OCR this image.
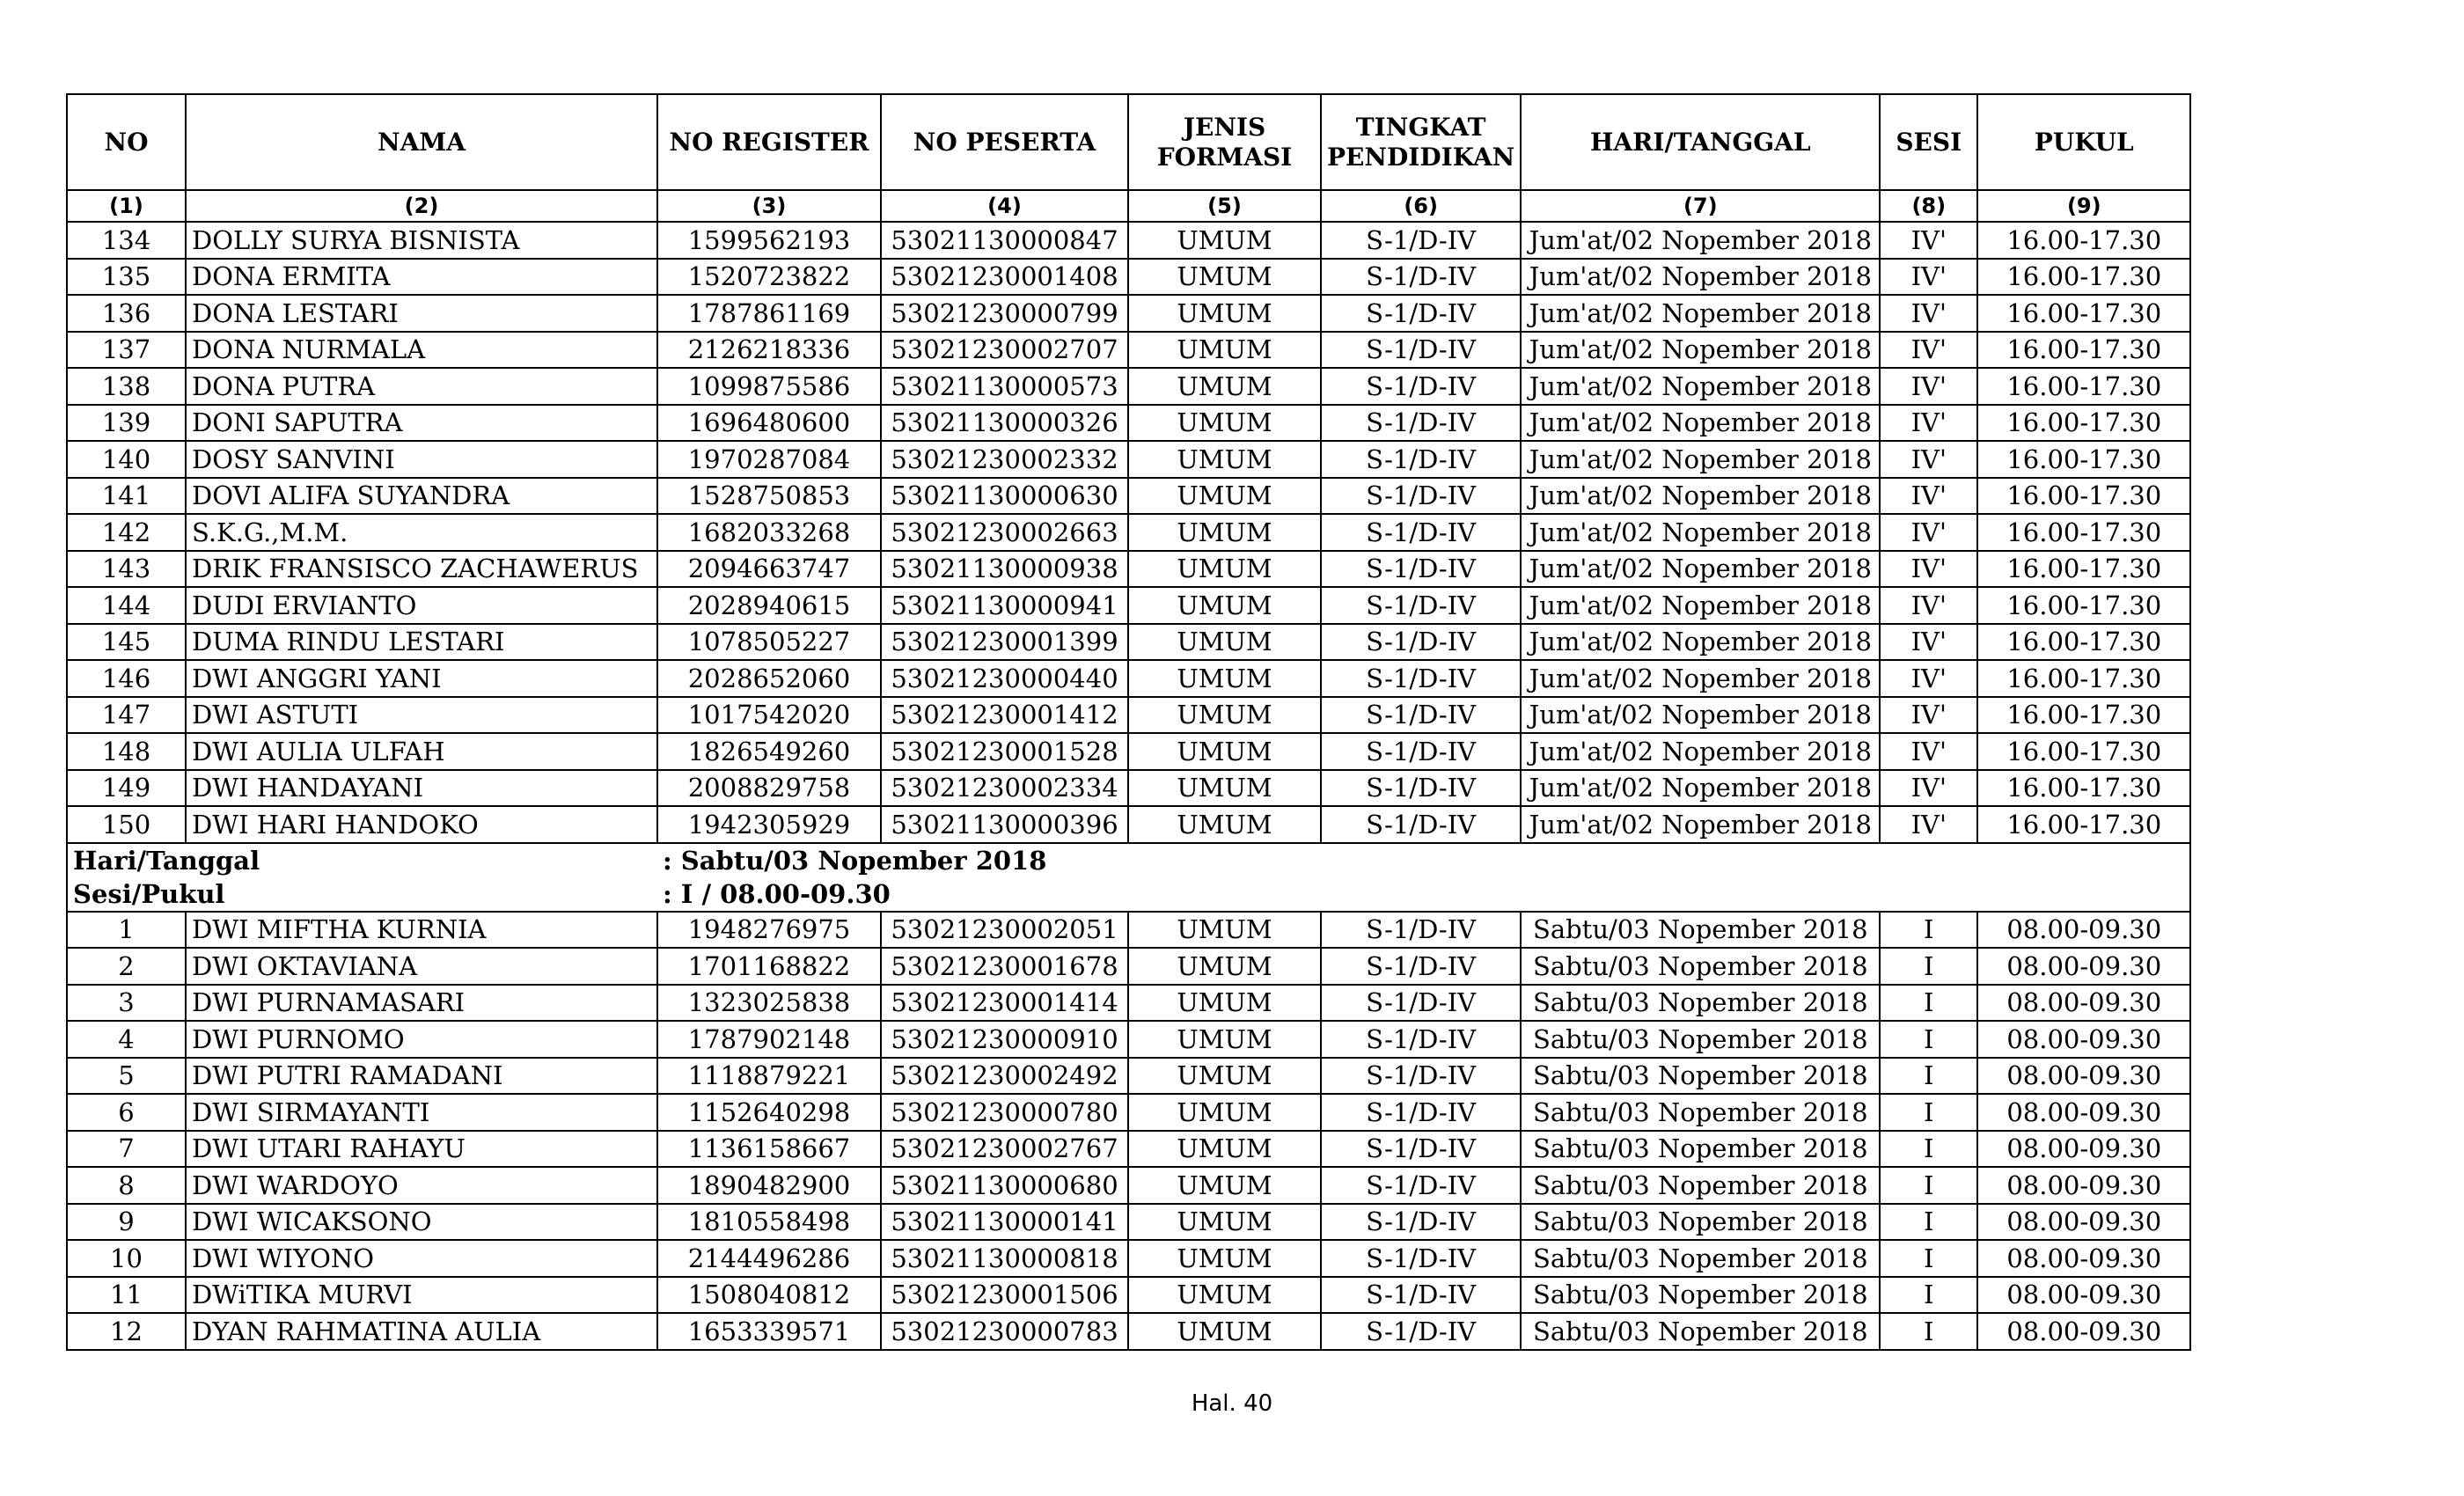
NO	NAMA	NO REGISTER	NO PESERTA	JENIS FORMASI	TINGKAT PENDIDIKAN	HARI/TANGGAL	SESI	PUKUL
(1)	(2)	(3)	(4)	(5)	(6)	(7)	(8)	(9)
134	DOLLY SURYA BISNISTA	1599562193	53021130000847	UMUM	S-1/D-IV	Jum'at/02 Nopember 2018	IV'	16.00-17.30
135	DONA ERMITA	1520723822	53021230001408	UMUM	S-1/D-IV	Jum'at/02 Nopember 2018	IV'	16.00-17.30
136	DONA LESTARI	1787861169	53021230000799	UMUM	S-1/D-IV	Jum'at/02 Nopember 2018	IV'	16.00-17.30
137	DONA NURMALA	2126218336	53021230002707	UMUM	S-1/D-IV	Jum'at/02 Nopember 2018	IV'	16.00-17.30
138	DONA PUTRA	1099875586	53021130000573	UMUM	S-1/D-IV	Jum'at/02 Nopember 2018	IV'	16.00-17.30
139	DONI SAPUTRA	1696480600	53021130000326	UMUM	S-1/D-IV	Jum'at/02 Nopember 2018	IV'	16.00-17.30
140	DOSY SANVINI	1970287084	53021230002332	UMUM	S-1/D-IV	Jum'at/02 Nopember 2018	IV'	16.00-17.30
141	DOVI ALIFA SUYANDRA	1528750853	53021130000630	UMUM	S-1/D-IV	Jum'at/02 Nopember 2018	IV'	16.00-17.30
142	S.K.G.,M.M.	1682033268	53021230002663	UMUM	S-1/D-IV	Jum'at/02 Nopember 2018	IV'	16.00-17.30
143	DRIK FRANSISCO ZACHAWERUS	2094663747	53021130000938	UMUM	S-1/D-IV	Jum'at/02 Nopember 2018	IV'	16.00-17.30
144	DUDI ERVIANTO	2028940615	53021130000941	UMUM	S-1/D-IV	Jum'at/02 Nopember 2018	IV'	16.00-17.30
145	DUMA RINDU LESTARI	1078505227	53021230001399	UMUM	S-1/D-IV	Jum'at/02 Nopember 2018	IV'	16.00-17.30
146	DWI ANGGRI YANI	2028652060	53021230000440	UMUM	S-1/D-IV	Jum'at/02 Nopember 2018	IV'	16.00-17.30
147	DWI ASTUTI	1017542020	53021230001412	UMUM	S-1/D-IV	Jum'at/02 Nopember 2018	IV'	16.00-17.30
148	DWI AULIA ULFAH	1826549260	53021230001528	UMUM	S-1/D-IV	Jum'at/02 Nopember 2018	IV'	16.00-17.30
149	DWI HANDAYANI	2008829758	53021230002334	UMUM	S-1/D-IV	Jum'at/02 Nopember 2018	IV'	16.00-17.30
150	DWI HARI HANDOKO	1942305929	53021130000396	UMUM	S-1/D-IV	Jum'at/02 Nopember 2018	IV'	16.00-17.30
Hari/Tanggal		: Sabtu/03 Nopember 2018						
Sesi/Pukul		: I / 08.00-09.30						
1	DWI MIFTHA KURNIA	1948276975	53021230002051	UMUM	S-1/D-IV	Sabtu/03 Nopember 2018	I	08.00-09.30
2	DWI OKTAVIANA	1701168822	53021230001678	UMUM	S-1/D-IV	Sabtu/03 Nopember 2018	I	08.00-09.30
3	DWI PURNAMASARI	1323025838	53021230001414	UMUM	S-1/D-IV	Sabtu/03 Nopember 2018	I	08.00-09.30
4	DWI PURNOMO	1787902148	53021230000910	UMUM	S-1/D-IV	Sabtu/03 Nopember 2018	I	08.00-09.30
5	DWI PUTRI RAMADANI	1118879221	53021230002492	UMUM	S-1/D-IV	Sabtu/03 Nopember 2018	I	08.00-09.30
6	DWI SIRMAYANTI	1152640298	53021230000780	UMUM	S-1/D-IV	Sabtu/03 Nopember 2018	I	08.00-09.30
7	DWI UTARI RAHAYU	1136158667	53021230002767	UMUM	S-1/D-IV	Sabtu/03 Nopember 2018	I	08.00-09.30
8	DWI WARDOYO	1890482900	53021130000680	UMUM	S-1/D-IV	Sabtu/03 Nopember 2018	I	08.00-09.30
9	DWI WICAKSONO	1810558498	53021130000141	UMUM	S-1/D-IV	Sabtu/03 Nopember 2018	I	08.00-09.30
10	DWI WIYONO	2144496286	53021130000818	UMUM	S-1/D-IV	Sabtu/03 Nopember 2018	I	08.00-09.30
11	DWiTIKA MURVI	1508040812	53021230001506	UMUM	S-1/D-IV	Sabtu/03 Nopember 2018	I	08.00-09.30
12	DYAN RAHMATINA AULIA	1653339571	53021230000783	UMUM	S-1/D-IV	Sabtu/03 Nopember 2018	I	08.00-09.30
Hal. 40
